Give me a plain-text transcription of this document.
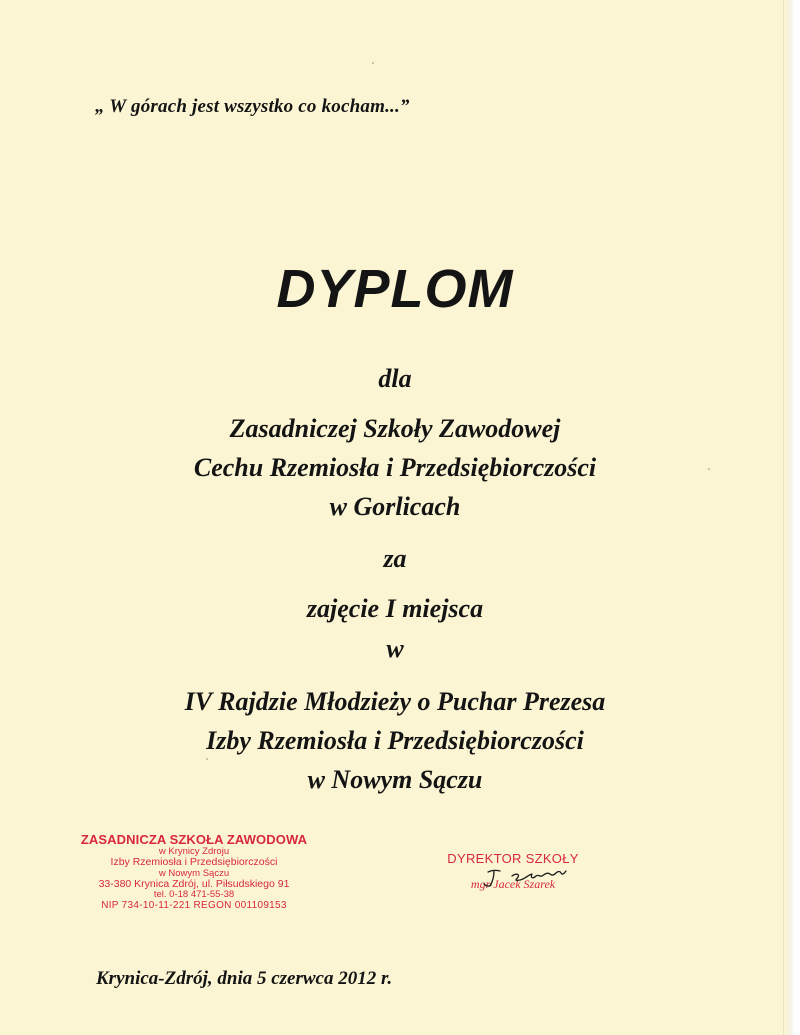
„ W górach jest wszystko co kocham...”
DYPLOM
dla
Zasadniczej Szkoły Zawodowej
Cechu Rzemiosła i Przedsiębiorczości
w Gorlicach
za
zajęcie I miejsca
w
IV Rajdzie Młodzieży o Puchar Prezesa
Izby Rzemiosła i Przedsiębiorczości
w Nowym Sączu
ZASADNICZA SZKOŁA ZAWODOWA
w Krynicy Zdroju
Izby Rzemiosła i Przedsiębiorczości
w Nowym Sączu
33-380 Krynica Zdrój, ul. Piłsudskiego 91
tel. 0-18 471-55-38
NIP 734-10-11-221 REGON 001109153
DYREKTOR SZKOŁY
mgr Jacek Szarek
Krynica-Zdrój, dnia 5 czerwca 2012 r.
